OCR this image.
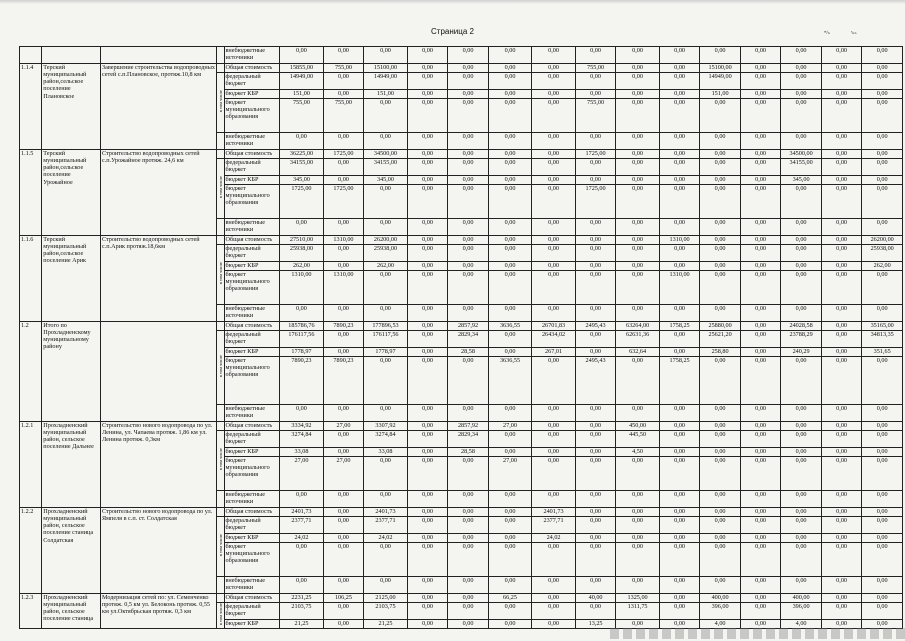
Страница 2	ᵐ/ₙ	ᵉₙₙ
				внебюджетные источники	0,00	0,00	0,00	0,00	0,00	0,00	0,00	0,00	0,00	0,00	0,00	0,00	0,00	0,00	0,00
1.1.4	Терский муниципальный район,сельское поселение Плановское	Завершение строительства водопроводных сетей с.п.Плановское, протяж.10,8 км		Общая стоимость	15855,00	755,00	15100,00	0,00	0,00	0,00	0,00	755,00	0,00	0,00	15100,00	0,00	0,00	0,00	0,00
			в том числе	федеральный бюджет	14949,00	0,00	14949,00	0,00	0,00	0,00	0,00	0,00	0,00	0,00	14949,00	0,00	0,00	0,00	0,00
				бюджет КБР	151,00	0,00	151,00	0,00	0,00	0,00	0,00	0,00	0,00	0,00	151,00	0,00	0,00	0,00	0,00
				бюджет муниципального образования	755,00	755,00	0,00	0,00	0,00	0,00	0,00	755,00	0,00	0,00	0,00	0,00	0,00	0,00	0,00
				внебюджетные источники	0,00	0,00	0,00	0,00	0,00	0,00	0,00	0,00	0,00	0,00	0,00	0,00	0,00	0,00	0,00
1.1.5	Терский муниципальный район,сельское поселение Урожайное	Строительство водопроводных сетей с.п.Урожайное протяж. 24,6 км		Общая стоимость	36225,00	1725,00	34500,00	0,00	0,00	0,00	0,00	1725,00	0,00	0,00	0,00	0,00	34500,00	0,00	0,00
			в том числе	федеральный бюджет	34155,00	0,00	34155,00	0,00	0,00	0,00	0,00	0,00	0,00	0,00	0,00	0,00	34155,00	0,00	0,00
				бюджет КБР	345,00	0,00	345,00	0,00	0,00	0,00	0,00	0,00	0,00	0,00	0,00	0,00	345,00	0,00	0,00
				бюджет муниципального образования	1725,00	1725,00	0,00	0,00	0,00	0,00	0,00	1725,00	0,00	0,00	0,00	0,00	0,00	0,00	0,00
				внебюджетные источники	0,00	0,00	0,00	0,00	0,00	0,00	0,00	0,00	0,00	0,00	0,00	0,00	0,00	0,00	0,00
1.1.6	Терский муниципальный район,сельское поселение Арик	Строительство водопроводных сетей с.п.Арик протяж.18,6км		Общая стоимость	27510,00	1310,00	26200,00	0,00	0,00	0,00	0,00	0,00	0,00	1310,00	0,00	0,00	0,00	0,00	26200,00
			в том числе	федеральный бюджет	25938,00	0,00	25938,00	0,00	0,00	0,00	0,00	0,00	0,00	0,00	0,00	0,00	0,00	0,00	25938,00
				бюджет КБР	262,00	0,00	262,00	0,00	0,00	0,00	0,00	0,00	0,00	0,00	0,00	0,00	0,00	0,00	262,00
				бюджет муниципального образования	1310,00	1310,00	0,00	0,00	0,00	0,00	0,00	0,00	0,00	1310,00	0,00	0,00	0,00	0,00	0,00
				внебюджетные источники	0,00	0,00	0,00	0,00	0,00	0,00	0,00	0,00	0,00	0,00	0,00	0,00	0,00	0,00	0,00
1.2	Итого по Прохладненскому муниципальному району			Общая стоимость	185786,76	7890,23	177896,53	0,00	2857,92	3636,55	26701,83	2495,43	63264,00	1758,25	25880,00	0,00	24028,58	0,00	35165,00
			в том числе	федеральный бюджет	176117,56	0,00	176117,56	0,00	2829,34	0,00	26434,02	0,00	62631,36	0,00	25621,20	0,00	23788,29	0,00	34813,35
				бюджет КБР	1778,97	0,00	1778,97	0,00	28,58	0,00	267,01	0,00	632,64	0,00	258,80	0,00	240,29	0,00	351,65
				бюджет муниципального образования	7890,23	7890,23	0,00	0,00	0,00	3636,55	0,00	2495,43	0,00	1758,25	0,00	0,00	0,00	0,00	0,00
				внебюджетные источники	0,00	0,00	0,00	0,00	0,00	0,00	0,00	0,00	0,00	0,00	0,00	0,00	0,00	0,00	0,00
1.2.1	Прохладненский муниципальный район, сельское поселение Дальнее	Строительство нового водопровода по ул. Ленина, ул. Чапаева протяж. 1,86 км ул. Ленина протяж. 0,3км		Общая стоимость	3334,92	27,00	3307,92	0,00	2857,92	27,00	0,00	0,00	450,00	0,00	0,00	0,00	0,00	0,00	0,00
			в том числе	федеральный бюджет	3274,84	0,00	3274,84	0,00	2829,34	0,00	0,00	0,00	445,50	0,00	0,00	0,00	0,00	0,00	0,00
				бюджет КБР	33,08	0,00	33,08	0,00	28,58	0,00	0,00	0,00	4,50	0,00	0,00	0,00	0,00	0,00	0,00
				бюджет муниципального образования	27,00	27,00	0,00	0,00	0,00	27,00	0,00	0,00	0,00	0,00	0,00	0,00	0,00	0,00	0,00
				внебюджетные источники	0,00	0,00	0,00	0,00	0,00	0,00	0,00	0,00	0,00	0,00	0,00	0,00	0,00	0,00	0,00
1.2.2	Прохладненский муниципальный район, сельское поселение станица Солдатская	Строительство нового водопровода по ул. Ямпеля в с.п. ст. Солдатская		Общая стоимость	2401,73	0,00	2401,73	0,00	0,00	0,00	2401,73	0,00	0,00	0,00	0,00	0,00	0,00	0,00	0,00
			в том числе	федеральный бюджет	2377,71	0,00	2377,71	0,00	0,00	0,00	2377,71	0,00	0,00	0,00	0,00	0,00	0,00	0,00	0,00
				бюджет КБР	24,02	0,00	24,02	0,00	0,00	0,00	24,02	0,00	0,00	0,00	0,00	0,00	0,00	0,00	0,00
				бюджет муниципального образования	0,00	0,00	0,00	0,00	0,00	0,00	0,00	0,00	0,00	0,00	0,00	0,00	0,00	0,00	0,00
				внебюджетные источники	0,00	0,00	0,00	0,00	0,00	0,00	0,00	0,00	0,00	0,00	0,00	0,00	0,00	0,00	0,00
1.2.3	Прохладненский муниципальный район, сельское поселение станица	Модернизация сетей по: ул. Семенченко протяж. 0,5 км ул. Белоконь протяж. 0,55 км ул.Октябрьская протяж. 0,3 км		Общая стоимость	2231,25	106,25	2125,00	0,00	0,00	66,25	0,00	40,00	1325,00	0,00	400,00	0,00	400,00	0,00	0,00
			в том числе	федеральный бюджет	2103,75	0,00	2103,75	0,00	0,00	0,00	0,00	0,00	1311,75	0,00	396,00	0,00	396,00	0,00	0,00
				бюджет КБР	21,25	0,00	21,25	0,00	0,00	0,00	0,00	13,25	0,00	0,00	4,00	0,00	4,00	0,00	0,00
